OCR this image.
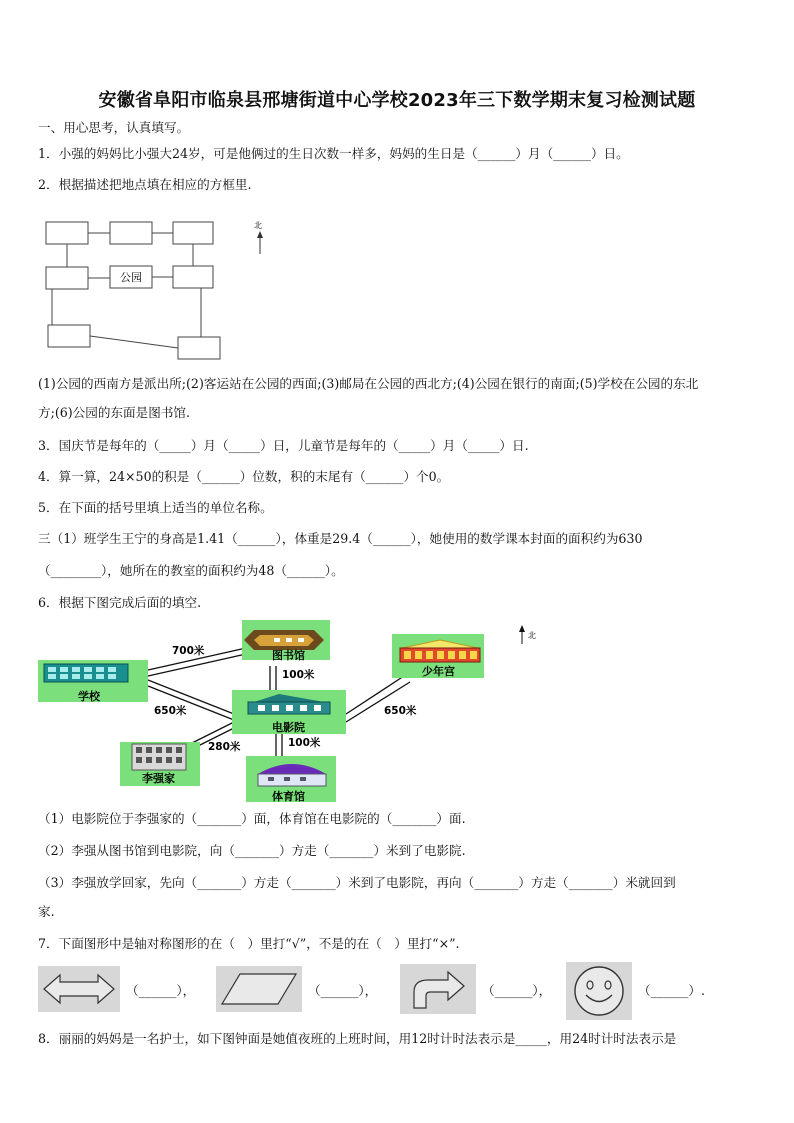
安徽省阜阳市临泉县邢塘街道中心学校2023年三下数学期末复习检测试题
一、用心思考，认真填写。
1．小强的妈妈比小强大24岁，可是他俩过的生日次数一样多，妈妈的生日是（______）月（______）日。
2．根据描述把地点填在相应的方框里.
公园
北
(1)公园的西南方是派出所;(2)客运站在公园的西面;(3)邮局在公园的西北方;(4)公园在银行的南面;(5)学校在公园的东北
方;(6)公园的东面是图书馆.
3．国庆节是每年的（_____）月（_____）日，儿童节是每年的（_____）月（_____）日.
4．算一算，24×50的积是（______）位数，积的末尾有（______）个0。
5．在下面的括号里填上适当的单位名称。
三（1）班学生王宁的身高是1.41（______），体重是29.4（______），她使用的数学课本封面的面积约为630
（________），她所在的教室的面积约为48（______）。
6．根据下图完成后面的填空.
图书馆
学校
少年宫
电影院
李强家
体育馆
700米
100米
650米	650米
280米	100米
北
（1）电影院位于李强家的（_______）面，体育馆在电影院的（_______）面.
（2）李强从图书馆到电影院，向（_______）方走（_______）米到了电影院.
（3）李强放学回家，先向（_______）方走（_______）米到了电影院，再向（_______）方走（_______）米就回到
家.
7．下面图形中是轴对称图形的在（　）里打“√”，不是的在（　）里打“×”.
（______），	（______），	（______），	（______）.
8．丽丽的妈妈是一名护士，如下图钟面是她值夜班的上班时间，用12时计时法表示是_____，用24时计时法表示是
